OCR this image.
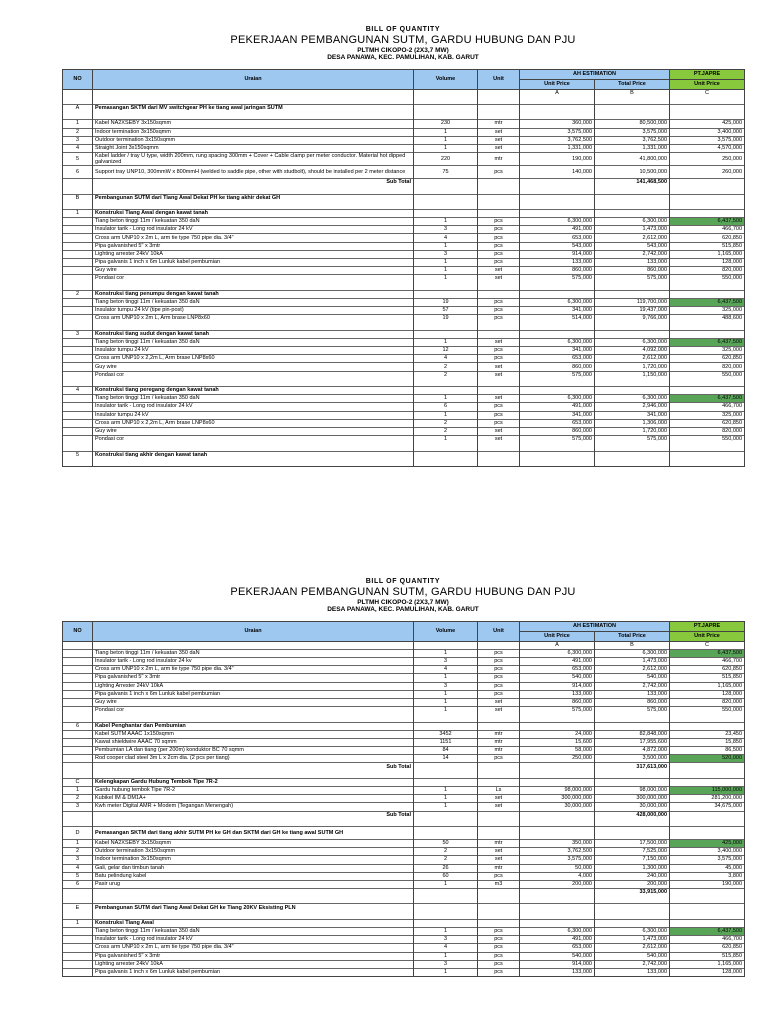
BILL OF QUANTITY
PEKERJAAN PEMBANGUNAN SUTM, GARDU HUBUNG DAN PJU
PLTMH CIKOPO-2 (2X3,7 MW)
DESA PANAWA, KEC. PAMULIHAN, KAB. GARUT
NO	Uraian	Volume	Unit	AH ESTIMATION		PT.JAPRE
				Unit Price	Total Price	Unit Price
				A	B	C

A	Pemasangan SKTM dari MV switchgear PH ke tiang awal jaringan SUTM					

1	Kabel NA2XSEBY 3x150sqmm	230	mtr	360,000	80,500,000	425,000
2	Indoor termination 3x150sqmm	1	set	3,575,000	3,575,000	3,400,000
3	Outdoor termination 3x150sqmm	1	set	3,762,500	3,762,500	3,575,000
4	Straight Joint 3x150sqmm	1	set	1,331,000	1,331,000	4,570,000
5	Kabel ladder / tray U type, width 200mm, rung spacing 300mm + Cover + Cable clamp per meter conductor. Material hot dipped galvanized	220	mtr	190,000	41,800,000	250,000
6	Support tray UNP10, 300mmW x 800mmH (welded to saddle pipe, other with studbolt), should be installed per 2 meter distance	75	pcs	140,000	10,500,000	260,000
	Sub Total				141,468,500	

B	Pembangunan SUTM dari Tiang Awal Dekat PH ke tiang akhir dekat GH					

1	Konstruksi Tiang Awal dengan kawat tanah					
	Tiang beton tinggi 11m / kekuatan 350 daN	1	pcs	6,300,000	6,300,000	6,437,500
	Insulator tarik - Long rod insulator 24 kV	3	pcs	491,000	1,473,000	466,700
	Cross arm UNP10 x 2m L, arm tie type 750 pipe dia. 3/4"	4	pcs	653,000	2,612,000	620,850
	Pipa galvanished 5" x 3mtr	1	pcs	543,000	543,000	515,850
	Lighting arrester 24kV 10kA	3	pcs	914,000	2,742,000	1,165,000
	Pipa galvanis 1 inch x 6m Lunluk kabel pembumian	1	pcs	133,000	133,000	128,000
	Guy wire	1	set	860,000	860,000	820,000
	Pondasi cor	1	set	575,000	575,000	550,000

2	Konstruksi tiang penumpu dengan kawat tanah					
	Tiang beton tinggi 11m / kekuatan 350 daN	19	pcs	6,300,000	119,700,000	6,437,500
	Insulator tumpu 24 kV (tipe pin-post)	57	pcs	341,000	19,437,000	325,000
	Cross arm UNP10 x 2m L, Arm brase LNP8x60	19	pcs	514,000	9,766,000	488,600

3	Konstruksi tiang sudut dengan kawat tanah					
	Tiang beton tinggi 11m / kekuatan 350 daN	1	set	6,300,000	6,300,000	6,437,500
	Insulator tumpu 24 kV	12	pcs	341,000	4,092,000	325,000
	Cross arm UNP10 x 2,2m L, Arm brase LNP8x60	4	pcs	653,000	2,612,000	620,850
	Guy wire	2	set	860,000	1,720,000	820,000
	Pondasi cor	2	set	575,000	1,150,000	550,000

4	Konstruksi tiang peregang dengan kawat tanah					
	Tiang beton tinggi 11m / kekuatan 350 daN	1	set	6,300,000	6,300,000	6,437,500
	Insulator tarik - Long rod insulator 24 kV	6	pcs	491,000	2,946,000	466,700
	Insulator tumpu 24 kV	1	pcs	341,000	341,000	325,000
	Cross arm UNP10 x 2,2m L, Arm brase LNP8x60	2	pcs	653,000	1,306,000	620,850
	Guy wire	2	set	860,000	1,720,000	820,000
	Pondasi cor	1	set	575,000	575,000	550,000

5	Konstruksi tiang akhir dengan kawat tanah					

BILL OF QUANTITY
PEKERJAAN PEMBANGUNAN SUTM, GARDU HUBUNG DAN PJU
PLTMH CIKOPO-2 (2X3,7 MW)
DESA PANAWA, KEC. PAMULIHAN, KAB. GARUT
NO	Uraian	Volume	Unit	AH ESTIMATION		PT.JAPRE
				Unit Price	Total Price	Unit Price
				A	B	C
	Tiang beton tinggi 11m / kekuatan 350 daN	1	pcs	6,300,000	6,300,000	6,437,500
	Insulator tarik - Long rod insulator 24 kv	3	pcs	491,000	1,473,000	466,700
	Cross arm UNP10 x 2m L, arm tie type 750 pipe dia. 3/4"	4	pcs	653,000	2,612,000	620,850
	Pipa galvanished 5" x 3mtr	1	pcs	540,000	540,000	515,850
	Lighting Arrester 24kV 10kA	3	pcs	914,000	2,742,000	1,165,000
	Pipa galvanis 1 inch x 6m Lunluk kabel pembumian	1	pcs	133,000	133,000	128,000
	Guy wire	1	set	860,000	860,000	820,000
	Pondasi cor	1	set	575,000	575,000	550,000

6	Kabel Penghantar dan Pembumian					
	Kabel SUTM AAAC 1x150sqmm	3452	mtr	24,000	82,848,000	23,450
	Kawat shieldwire AAAC 70 sqmm	1151	mtr	15,600	17,955,600	15,850
	Pembumian LA dan tiang (per 200m) konduktor BC 70 sqmm	84	mtr	58,000	4,872,000	86,500
	Rod cooper clad steel 3m L x 2cm dia. (2 pcs per tiang)	14	pcs	250,000	3,500,000	520,000
	Sub Total				317,613,000	

C	Kelengkapan Gardu Hubung Tembok Tipe 7R-2					
1	Gardu hubung tembok Tipe 7R-2	1	Ls	98,000,000	98,000,000	115,000,000
2	Kubikel IM & DM1A+	1	set	300,000,000	300,000,000	281,200,000
3	Kwh meter Digital AMR + Modem (Tegangan Menengah)	1	set	30,000,000	30,000,000	34,675,000
	Sub Total				428,000,000	

D	Pemasangan SKTM dari tiang akhir SUTM PH ke GH dan SKTM dari GH ke tiang awal SUTM GH					
1	Kabel NA2XSEBY 3x150sqmm	50	mtr	350,000	17,500,000	425,000
2	Outdoor termination 3x150sqmm	2	set	3,762,500	7,525,000	3,400,000
3	Indoor termination 3x150sqmm	2	set	3,575,000	7,150,000	3,575,000
4	Gali, gelar dan timbun tanah	26	mtr	50,000	1,300,000	45,000
5	Batu pelindung kabel	60	pcs	4,000	240,000	3,800
6	Pasir urug	1	m3	200,000	200,000	190,000
					33,915,000	

E	Pembangunan SUTM dari Tiang Awal Dekat GH ke Tiang 20KV Eksisting PLN					

1	Konstruksi Tiang Awal					
	Tiang beton tinggi 11m / kekuatan 350 daN	1	pcs	6,300,000	6,300,000	6,437,500
	Insulator tarik - Long rod insulator 24 kV	3	pcs	491,000	1,473,000	466,700
	Cross arm UNP10 x 2m L, arm tie type 750 pipe dia. 3/4"	4	pcs	653,000	2,612,000	620,850
	Pipa galvanished 5" x 3mtr	1	pcs	540,000	540,000	515,850
	Lighting arrester 24kV 10kA	3	pcs	914,000	2,742,000	1,165,000
	Pipa galvanis 1 inch x 6m Lunluk kabel pembumian	1	pcs	133,000	133,000	128,000
